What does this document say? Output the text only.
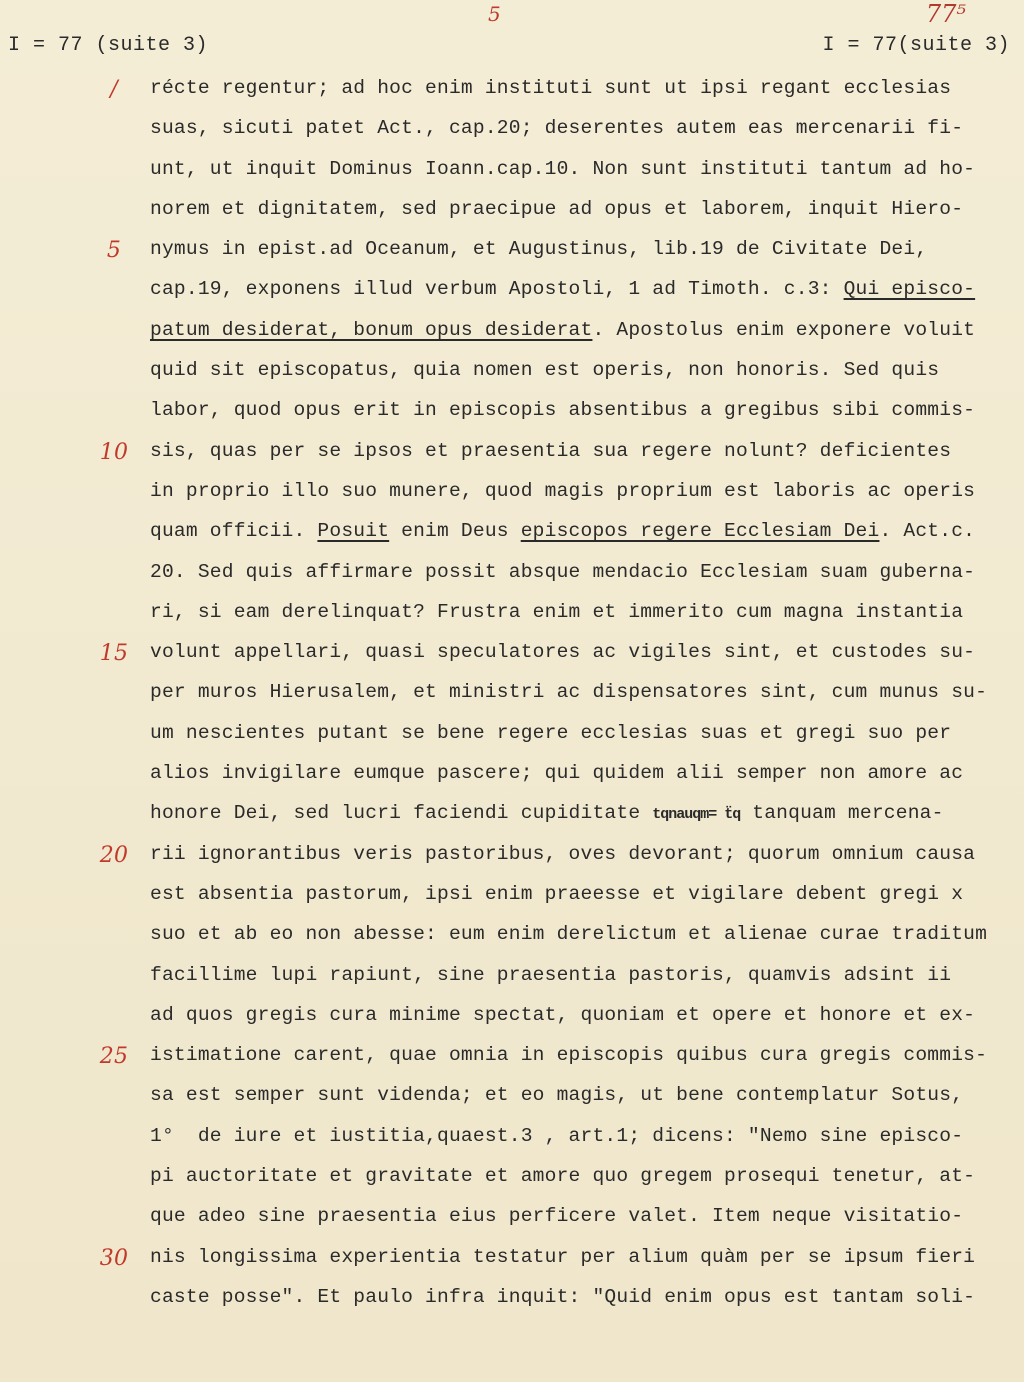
I = 77 (suite 3)
5	77⁵
I = 77(suite 3)
/	récte regentur; ad hoc enim instituti sunt ut ipsi regant ecclesias
suas, sicuti patet Act., cap.20; deserentes autem eas mercenarii fi-
unt, ut inquit Dominus Ioann.cap.10. Non sunt instituti tantum ad ho-
norem et dignitatem, sed praecipue ad opus et laborem, inquit Hiero-
5	nymus in epist.ad Oceanum, et Augustinus, lib.19 de Civitate Dei,
cap.19, exponens illud verbum Apostoli, 1 ad Timoth. c.3: Qui episco-
patum desiderat, bonum opus desiderat. Apostolus enim exponere voluit
quid sit episcopatus, quia nomen est operis, non honoris. Sed quis
labor, quod opus erit in episcopis absentibus a gregibus sibi commis-
10 sis, quas per se ipsos et praesentia sua regere nolunt? deficientes
in proprio illo suo munere, quod magis proprium est laboris ac operis
quam officii. Posuit enim Deus episcopos regere Ecclesiam Dei. Act.c.
20. Sed quis affirmare possit absque mendacio Ecclesiam suam guberna-
ri, si eam derelinquat? Frustra enim et immerito cum magna instantia
15 volunt appellari, quasi speculatores ac vigiles sint, et custodes su-
per muros Hierusalem, et ministri ac dispensatores sint, cum munus su-
um nescientes putant se bene regere ecclesias suas et gregi suo per
alios invigilare eumque pascere; qui quidem alii semper non amore ac
honore Dei, sed lucri faciendi cupiditate tqnauqm= ẗq tanquam mercena-
20 rii ignorantibus veris pastoribus, oves devorant; quorum omnium causa
est absentia pastorum, ipsi enim praeesse et vigilare debent gregi x
suo et ab eo non abesse: eum enim derelictum et alienae curae traditum
facillime lupi rapiunt, sine praesentia pastoris, quamvis adsint ii
ad quos gregis cura minime spectat, quoniam et opere et honore et ex-
25 istimatione carent, quae omnia in episcopis quibus cura gregis commis-
sa est semper sunt videnda; et eo magis, ut bene contemplatur Sotus,
1°  de iure et iustitia,quaest.3 , art.1; dicens: "Nemo sine episco-
pi auctoritate et gravitate et amore quo gregem prosequi tenetur, at-
que adeo sine praesentia eius perficere valet. Item neque visitatio-
30 nis longissima experientia testatur per alium quàm per se ipsum fieri
caste posse". Et paulo infra inquit: "Quid enim opus est tantam soli-
